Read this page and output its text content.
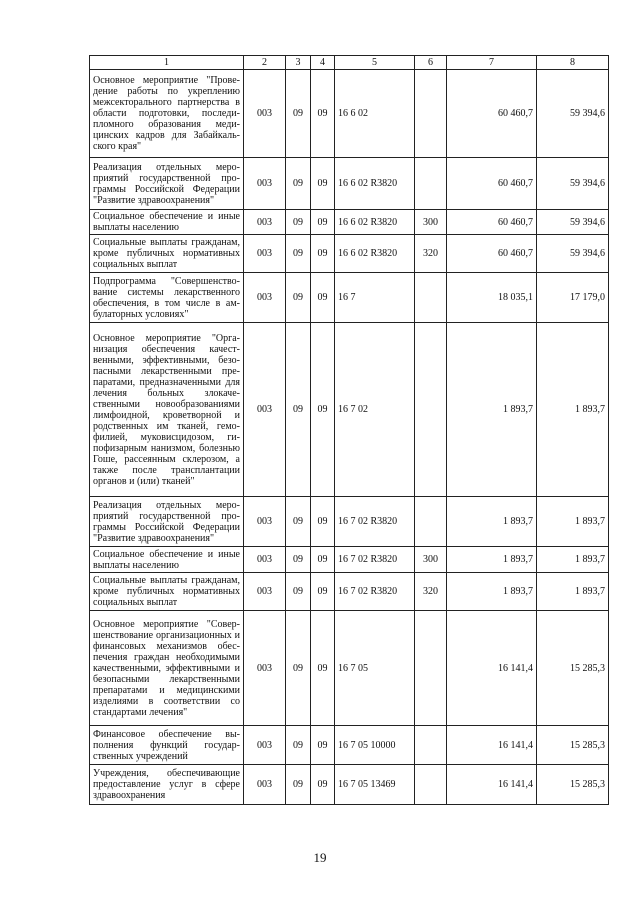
1	2	3	4	5	6	7	8
Основное мероприятие "Проведение работы по укреплению межсекторального партнерства в области подготовки, последипломного образования медицинских кадров для Забайкальского края"	003	09	09	16 6 02		60 460,7	59 394,6
Реализация отдельных мероприятий государственной программы Российской Федерации "Развитие здравоохранения"	003	09	09	16 6 02 R3820		60 460,7	59 394,6
Социальное обеспечение и иные выплаты населению	003	09	09	16 6 02 R3820	300	60 460,7	59 394,6
Социальные выплаты гражданам, кроме публичных нормативных социальных выплат	003	09	09	16 6 02 R3820	320	60 460,7	59 394,6
Подпрограмма "Совершенствование системы лекарственного обеспечения, в том числе в амбулаторных условиях"	003	09	09	16 7		18 035,1	17 179,0
Основное мероприятие "Организация обеспечения качественными, эффективными, безопасными лекарственными препаратами, предназначенными для лечения больных злокачественными новообразованиями лимфоидной, кроветворной и родственных им тканей, гемофилией, муковисцидозом, гипофизарным нанизмом, болезнью Гоше, рассеянным склерозом, а также после трансплантации органов и (или) тканей"	003	09	09	16 7 02		1 893,7	1 893,7
Реализация отдельных мероприятий государственной программы Российской Федерации "Развитие здравоохранения"	003	09	09	16 7 02 R3820		1 893,7	1 893,7
Социальное обеспечение и иные выплаты населению	003	09	09	16 7 02 R3820	300	1 893,7	1 893,7
Социальные выплаты гражданам, кроме публичных нормативных социальных выплат	003	09	09	16 7 02 R3820	320	1 893,7	1 893,7
Основное мероприятие "Совершенствование организационных и финансовых механизмов обеспечения граждан необходимыми качественными, эффективными и безопасными лекарственными препаратами и медицинскими изделиями в соответствии со стандартами лечения"	003	09	09	16 7 05		16 141,4	15 285,3
Финансовое обеспечение выполнения функций государственных учреждений	003	09	09	16 7 05 10000		16 141,4	15 285,3
Учреждения, обеспечивающие предоставление услуг в сфере здравоохранения	003	09	09	16 7 05 13469		16 141,4	15 285,3
19
